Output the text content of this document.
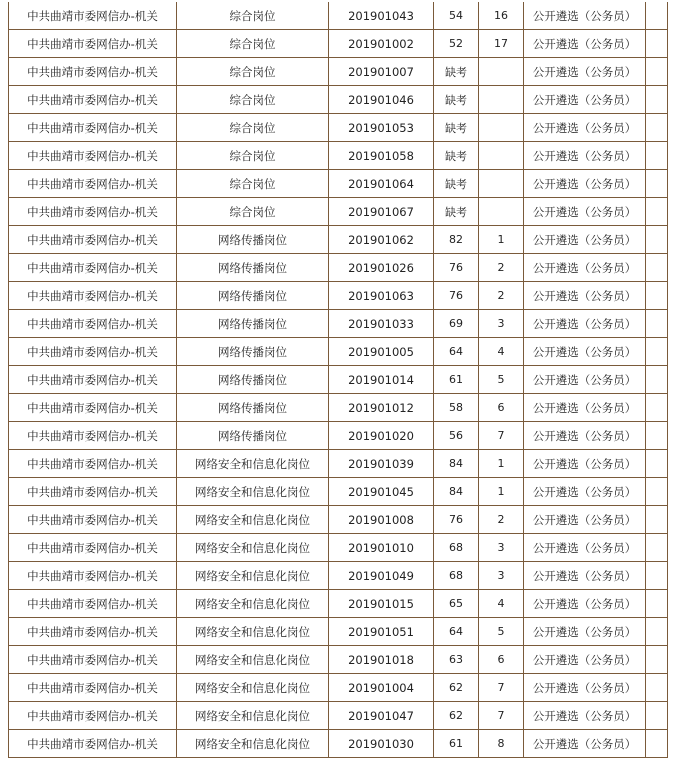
中共曲靖市委网信办-机关	综合岗位	201901043	54	16	公开遴选（公务员）	
中共曲靖市委网信办-机关	综合岗位	201901002	52	17	公开遴选（公务员）	
中共曲靖市委网信办-机关	综合岗位	201901007	缺考		公开遴选（公务员）	
中共曲靖市委网信办-机关	综合岗位	201901046	缺考		公开遴选（公务员）	
中共曲靖市委网信办-机关	综合岗位	201901053	缺考		公开遴选（公务员）	
中共曲靖市委网信办-机关	综合岗位	201901058	缺考		公开遴选（公务员）	
中共曲靖市委网信办-机关	综合岗位	201901064	缺考		公开遴选（公务员）	
中共曲靖市委网信办-机关	综合岗位	201901067	缺考		公开遴选（公务员）	
中共曲靖市委网信办-机关	网络传播岗位	201901062	82	1	公开遴选（公务员）	
中共曲靖市委网信办-机关	网络传播岗位	201901026	76	2	公开遴选（公务员）	
中共曲靖市委网信办-机关	网络传播岗位	201901063	76	2	公开遴选（公务员）	
中共曲靖市委网信办-机关	网络传播岗位	201901033	69	3	公开遴选（公务员）	
中共曲靖市委网信办-机关	网络传播岗位	201901005	64	4	公开遴选（公务员）	
中共曲靖市委网信办-机关	网络传播岗位	201901014	61	5	公开遴选（公务员）	
中共曲靖市委网信办-机关	网络传播岗位	201901012	58	6	公开遴选（公务员）	
中共曲靖市委网信办-机关	网络传播岗位	201901020	56	7	公开遴选（公务员）	
中共曲靖市委网信办-机关	网络安全和信息化岗位	201901039	84	1	公开遴选（公务员）	
中共曲靖市委网信办-机关	网络安全和信息化岗位	201901045	84	1	公开遴选（公务员）	
中共曲靖市委网信办-机关	网络安全和信息化岗位	201901008	76	2	公开遴选（公务员）	
中共曲靖市委网信办-机关	网络安全和信息化岗位	201901010	68	3	公开遴选（公务员）	
中共曲靖市委网信办-机关	网络安全和信息化岗位	201901049	68	3	公开遴选（公务员）	
中共曲靖市委网信办-机关	网络安全和信息化岗位	201901015	65	4	公开遴选（公务员）	
中共曲靖市委网信办-机关	网络安全和信息化岗位	201901051	64	5	公开遴选（公务员）	
中共曲靖市委网信办-机关	网络安全和信息化岗位	201901018	63	6	公开遴选（公务员）	
中共曲靖市委网信办-机关	网络安全和信息化岗位	201901004	62	7	公开遴选（公务员）	
中共曲靖市委网信办-机关	网络安全和信息化岗位	201901047	62	7	公开遴选（公务员）	
中共曲靖市委网信办-机关	网络安全和信息化岗位	201901030	61	8	公开遴选（公务员）	
